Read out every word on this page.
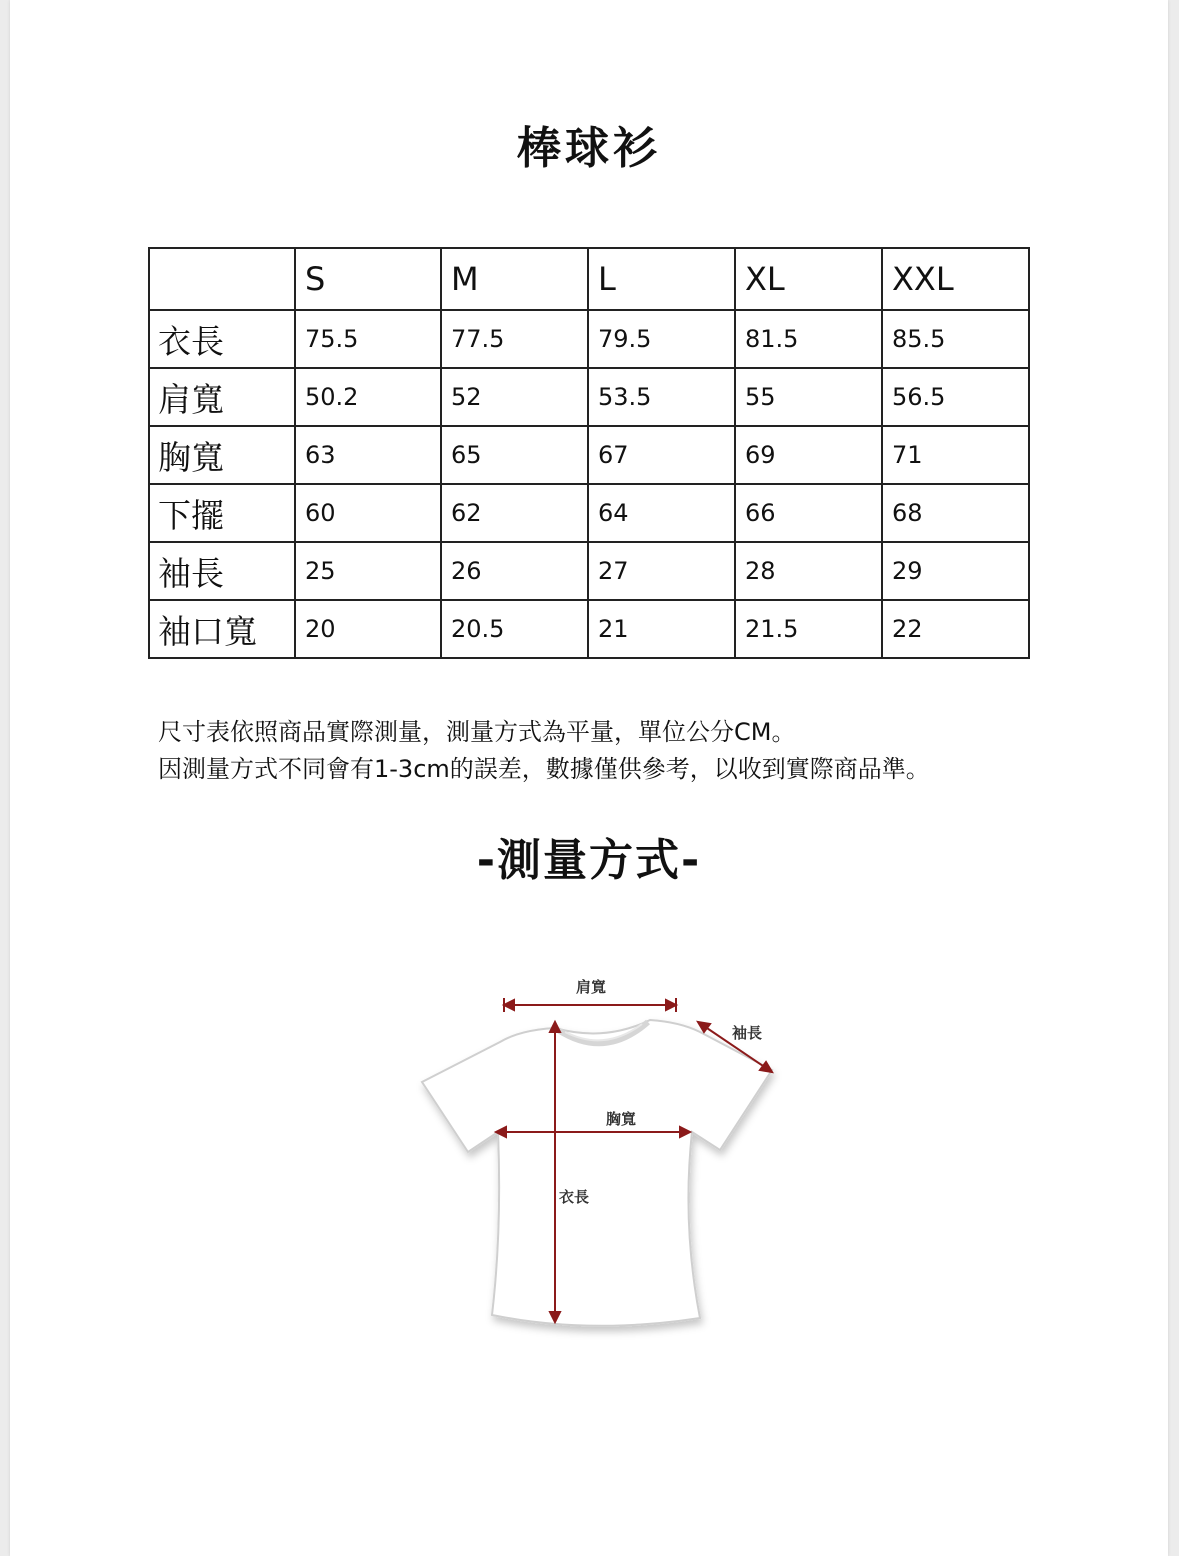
棒球衫
	S	M	L	XL	XXL
衣長	75.5	77.5	79.5	81.5	85.5
肩寬	50.2	52	53.5	55	56.5
胸寬	63	65	67	69	71
下擺	60	62	64	66	68
袖長	25	26	27	28	29
袖口寬	20	20.5	21	21.5	22
尺寸表依照商品實際測量，測量方式為平量，單位公分CM。
因測量方式不同會有1-3cm的誤差，數據僅供參考，以收到實際商品準。
-測量方式-
肩寬
袖長
胸寬
衣長
